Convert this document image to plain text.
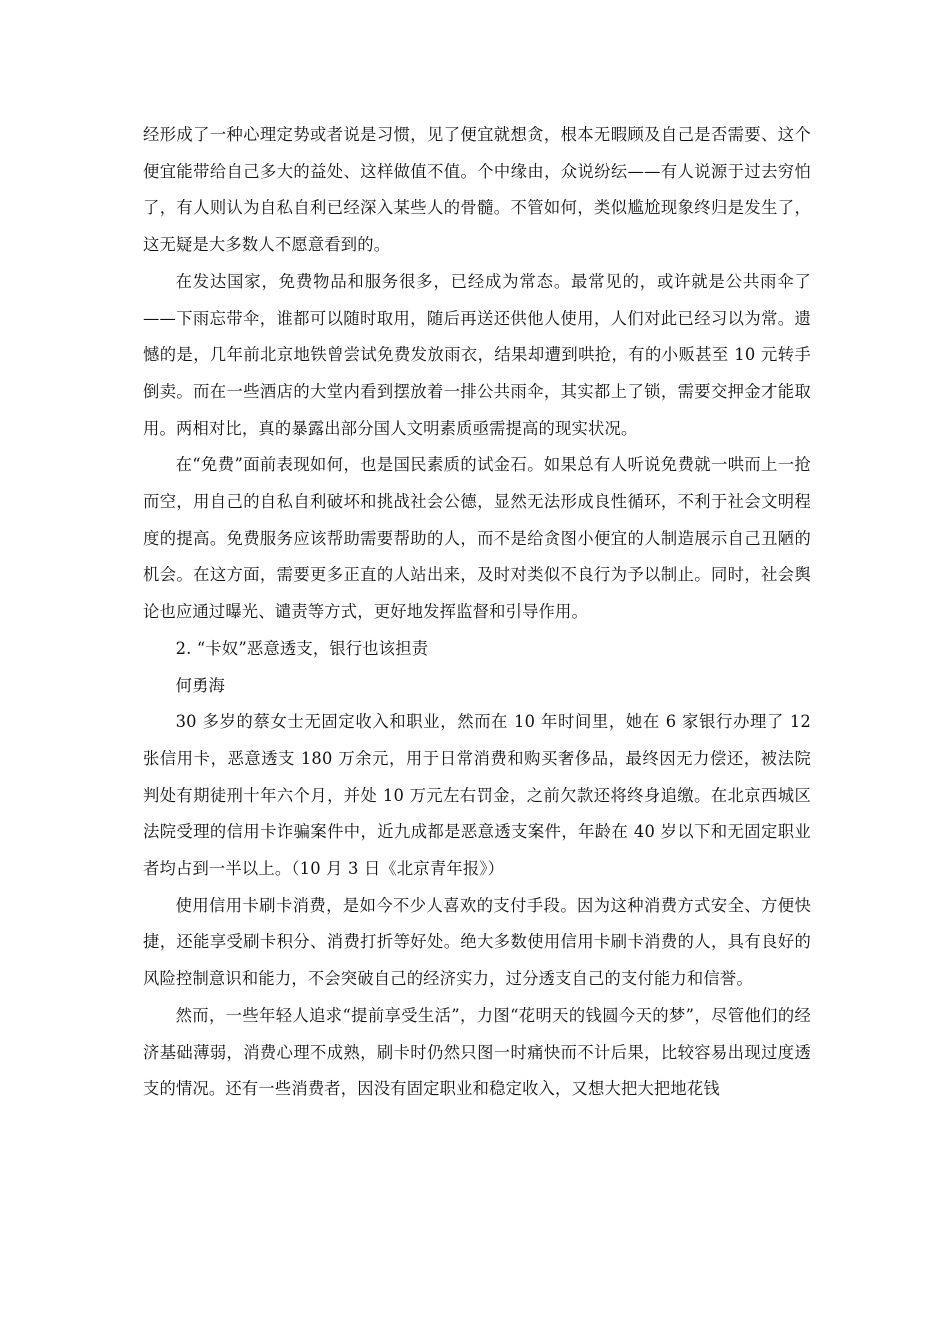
经形成了一种心理定势或者说是习惯，见了便宜就想贪，根本无暇顾及自己是否需要、这个便宜能带给自己多大的益处、这样做值不值。个中缘由，众说纷纭——有人说源于过去穷怕了，有人则认为自私自利已经深入某些人的骨髓。不管如何，类似尴尬现象终归是发生了，这无疑是大多数人不愿意看到的。

在发达国家，免费物品和服务很多，已经成为常态。最常见的，或许就是公共雨伞了——下雨忘带伞，谁都可以随时取用，随后再送还供他人使用，人们对此已经习以为常。遗憾的是，几年前北京地铁曾尝试免费发放雨衣，结果却遭到哄抢，有的小贩甚至 10 元转手倒卖。而在一些酒店的大堂内看到摆放着一排公共雨伞，其实都上了锁，需要交押金才能取用。两相对比，真的暴露出部分国人文明素质亟需提高的现实状况。

在“免费”面前表现如何，也是国民素质的试金石。如果总有人听说免费就一哄而上一抢而空，用自己的自私自利破坏和挑战社会公德，显然无法形成良性循环，不利于社会文明程度的提高。免费服务应该帮助需要帮助的人，而不是给贪图小便宜的人制造展示自己丑陋的机会。在这方面，需要更多正直的人站出来，及时对类似不良行为予以制止。同时，社会舆论也应通过曝光、谴责等方式，更好地发挥监督和引导作用。

2. “卡奴”恶意透支，银行也该担责

何勇海

30 多岁的蔡女士无固定收入和职业，然而在 10 年时间里，她在 6 家银行办理了 12 张信用卡，恶意透支 180 万余元，用于日常消费和购买奢侈品，最终因无力偿还，被法院判处有期徒刑十年六个月，并处 10 万元左右罚金，之前欠款还将终身追缴。在北京西城区法院受理的信用卡诈骗案件中，近九成都是恶意透支案件，年龄在 40 岁以下和无固定职业者均占到一半以上。（10 月 3 日《北京青年报》）

使用信用卡刷卡消费，是如今不少人喜欢的支付手段。因为这种消费方式安全、方便快捷，还能享受刷卡积分、消费打折等好处。绝大多数使用信用卡刷卡消费的人，具有良好的风险控制意识和能力，不会突破自己的经济实力，过分透支自己的支付能力和信誉。

然而，一些年轻人追求“提前享受生活”，力图“花明天的钱圆今天的梦”，尽管他们的经济基础薄弱，消费心理不成熟，刷卡时仍然只图一时痛快而不计后果，比较容易出现过度透支的情况。还有一些消费者，因没有固定职业和稳定收入，又想大把大把地花钱
